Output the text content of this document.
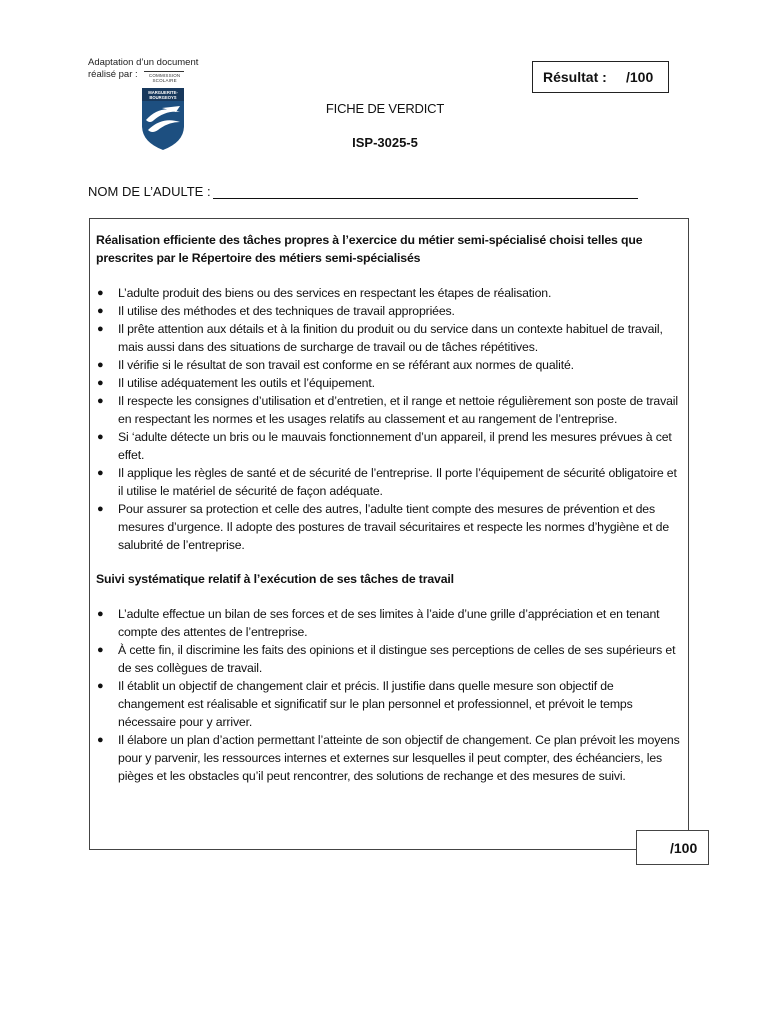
Adaptation d’un document
réalisé par :	COMMISSION
SCOLAIRE
MARGUERITE-
BOURGEOYS
Résultat : /100
FICHE DE VERDICT
ISP-3025-5
NOM DE L’ADULTE :

Réalisation efficiente des tâches propres à l’exercice du métier semi-spécialisé choisi telles que prescrites par le Répertoire des métiers semi-spécialisés

● L’adulte produit des biens ou des services en respectant les étapes de réalisation.
● Il utilise des méthodes et des techniques de travail appropriées.
● Il prête attention aux détails et à la finition du produit ou du service dans un contexte habituel de travail, mais aussi dans des situations de surcharge de travail ou de tâches répétitives.
● Il vérifie si le résultat de son travail est conforme en se référant aux normes de qualité.
● Il utilise adéquatement les outils et l’équipement.
● Il respecte les consignes d’utilisation et d’entretien, et il range et nettoie régulièrement son poste de travail en respectant les normes et les usages relatifs au classement et au rangement de l’entreprise.
● Si ‘adulte détecte un bris ou le mauvais fonctionnement d’un appareil, il prend les mesures prévues à cet effet.
● Il applique les règles de santé et de sécurité de l’entreprise. Il porte l’équipement de sécurité obligatoire et il utilise le matériel de sécurité de façon adéquate.
● Pour assurer sa protection et celle des autres, l’adulte tient compte des mesures de prévention et des mesures d’urgence. Il adopte des postures de travail sécuritaires et respecte les normes d’hygiène et de salubrité de l’entreprise.

Suivi systématique relatif à l’exécution de ses tâches de travail

● L’adulte effectue un bilan de ses forces et de ses limites à l’aide d’une grille d’appréciation et en tenant compte des attentes de l’entreprise.
● À cette fin, il discrimine les faits des opinions et il distingue ses perceptions de celles de ses supérieurs et de ses collègues de travail.
● Il établit un objectif de changement clair et précis. Il justifie dans quelle mesure son objectif de changement est réalisable et significatif sur le plan personnel et professionnel, et prévoit le temps nécessaire pour y arriver.
● Il élabore un plan d’action permettant l’atteinte de son objectif de changement. Ce plan prévoit les moyens pour y parvenir, les ressources internes et externes sur lesquelles il peut compter, des échéanciers, les pièges et les obstacles qu’il peut rencontrer, des solutions de rechange et des mesures de suivi.
/100
